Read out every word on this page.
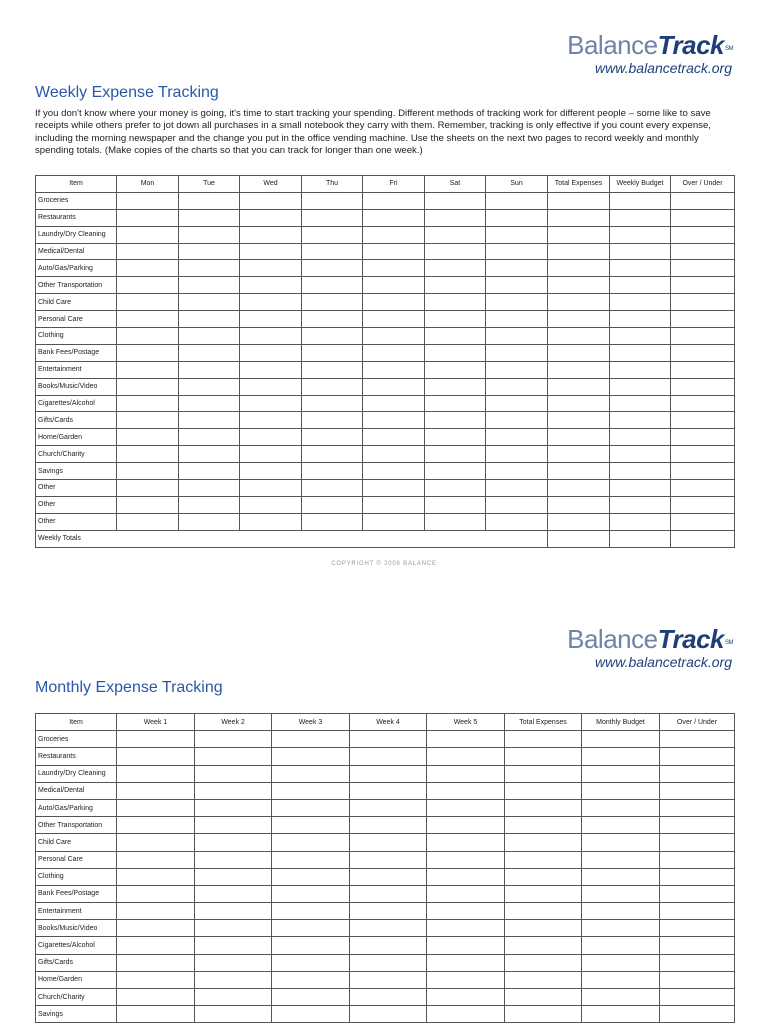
BalanceTrack℠
www.balancetrack.org
Weekly Expense Tracking

If you don't know where your money is going, it's time to start tracking your spending. Different methods of tracking work for different people – some like to save receipts while others prefer to jot down all purchases in a small notebook they carry with them. Remember, tracking is only effective if you count every expense, including the morning newspaper and the change you put in the office vending machine. Use the sheets on the next two pages to record weekly and monthly spending totals. (Make copies of the charts so that you can track for longer than one week.)

Item	Mon	Tue	Wed	Thu	Fri	Sat	Sun	Total Expenses	Weekly Budget	Over / Under
Groceries										
Restaurants										
Laundry/Dry Cleaning										
Medical/Dental										
Auto/Gas/Parking										
Other Transportation										
Child Care										
Personal Care										
Clothing										
Bank Fees/Postage										
Entertainment										
Books/Music/Video										
Cigarettes/Alcohol										
Gifts/Cards										
Home/Garden										
Church/Charity										
Savings										
Other										
Other										
Other										
Weekly Totals										
COPYRIGHT © 2006 BALANCE
BalanceTrack℠
www.balancetrack.org
Monthly Expense Tracking
Item	Week 1	Week 2	Week 3	Week 4	Week 5	Total Expenses	Monthly Budget	Over / Under
Groceries								
Restaurants								
Laundry/Dry Cleaning								
Medical/Dental								
Auto/Gas/Parking								
Other Transportation								
Child Care								
Personal Care								
Clothing								
Bank Fees/Postage								
Entertainment								
Books/Music/Video								
Cigarettes/Alcohol								
Gifts/Cards								
Home/Garden								
Church/Charity								
Savings								
